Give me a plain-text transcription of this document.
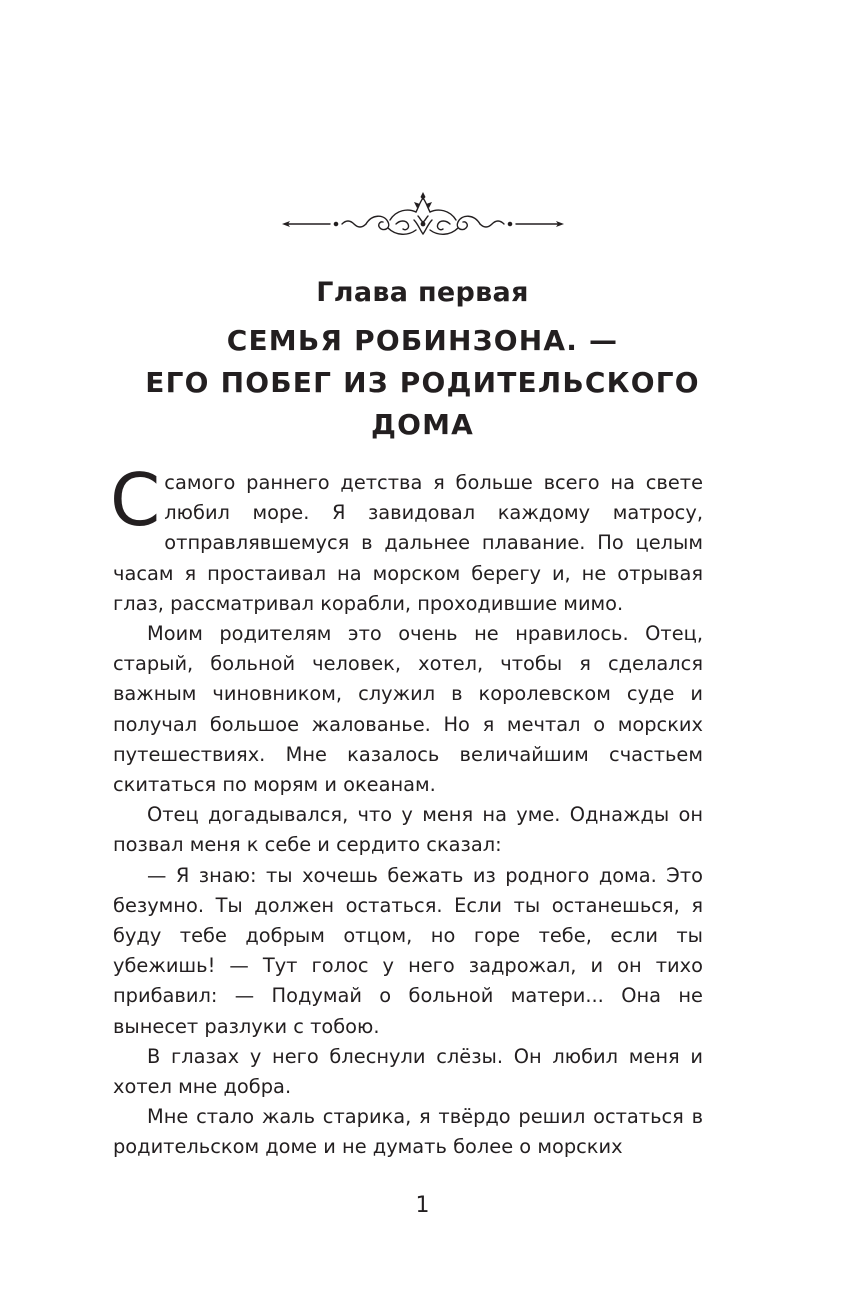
Глава первая
СЕМЬЯ РОБИНЗОНА. —
ЕГО ПОБЕГ ИЗ РОДИТЕЛЬСКОГО
ДОМА

С самого раннего детства я больше всего на свете любил море. Я завидовал каждому матросу, отправлявшемуся в дальнее плавание. По целым часам я простаивал на морском берегу и, не отрывая глаз, рассматривал корабли, проходившие мимо.

Моим родителям это очень не нравилось. Отец, старый, больной человек, хотел, чтобы я сделался важным чиновником, служил в королевском суде и получал большое жалованье. Но я мечтал о морских путешествиях. Мне казалось величайшим счастьем скитаться по морям и океанам.

Отец догадывался, что у меня на уме. Однажды он позвал меня к себе и сердито сказал:

— Я знаю: ты хочешь бежать из родного дома. Это безумно. Ты должен остаться. Если ты останешься, я буду тебе добрым отцом, но горе тебе, если ты убежишь! — Тут голос у него задрожал, и он тихо прибавил: — Подумай о больной матери... Она не вынесет разлуки с тобою.

В глазах у него блеснули слёзы. Он любил меня и хотел мне добра.

Мне стало жаль старика, я твёрдо решил остаться в родительском доме и не думать более о морских

1
